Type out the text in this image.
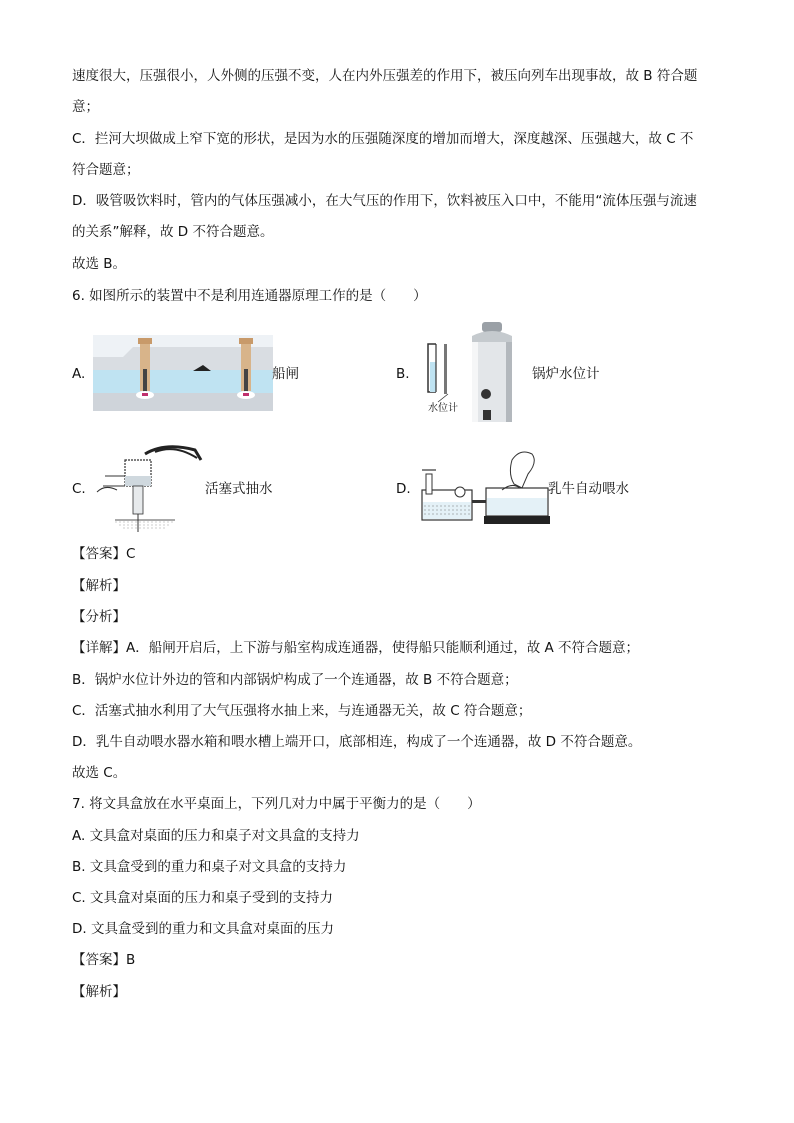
速度很大，压强很小，人外侧的压强不变，人在内外压强差的作用下，被压向列车出现事故，故 B 符合题
意；
C．拦河大坝做成上窄下宽的形状，是因为水的压强随深度的增加而增大，深度越深、压强越大，故 C 不
符合题意；
D．吸管吸饮料时，管内的气体压强减小，在大气压的作用下，饮料被压入口中，不能用“流体压强与流速
的关系”解释，故 D 不符合题意。
故选 B。
6. 如图所示的装置中不是利用连通器原理工作的是（　　）
A.	船闸	B.
水位计
锅炉水位计
C.	活塞式抽水	D.	乳牛自动喂水
【答案】C
【解析】
【分析】
【详解】A．船闸开启后，上下游与船室构成连通器，使得船只能顺利通过，故 A 不符合题意；
B．锅炉水位计外边的管和内部锅炉构成了一个连通器，故 B 不符合题意；
C．活塞式抽水利用了大气压强将水抽上来，与连通器无关，故 C 符合题意；
D．乳牛自动喂水器水箱和喂水槽上端开口，底部相连，构成了一个连通器，故 D 不符合题意。
故选 C。
7. 将文具盒放在水平桌面上，下列几对力中属于平衡力的是（　　）
A. 文具盒对桌面的压力和桌子对文具盒的支持力
B. 文具盒受到的重力和桌子对文具盒的支持力
C. 文具盒对桌面的压力和桌子受到的支持力
D. 文具盒受到的重力和文具盒对桌面的压力
【答案】B
【解析】
